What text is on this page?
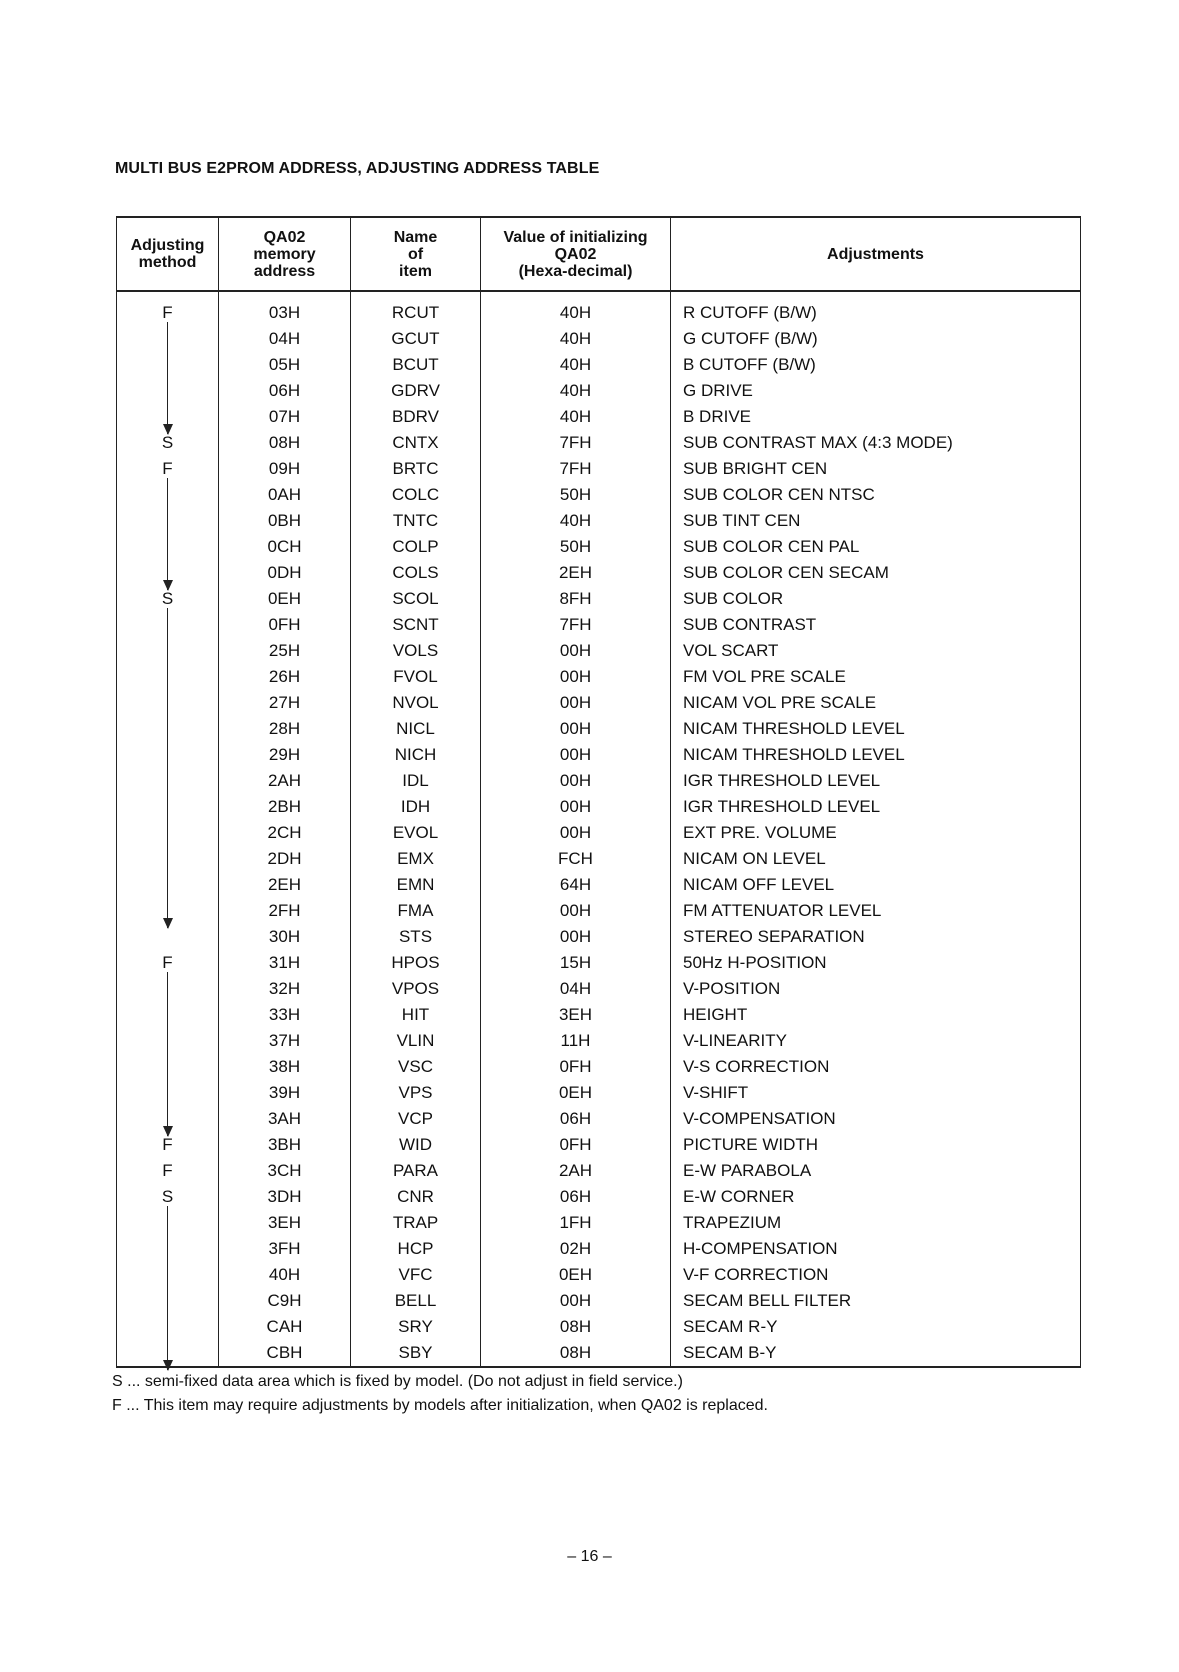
MULTI BUS E2PROM ADDRESS, ADJUSTING ADDRESS TABLE
Adjusting
method	QA02
memory
address	Name
of
item	Value of initializing
QA02
(Hexa-decimal)	Adjustments
F	03H	RCUT	40H	R CUTOFF (B/W)
	04H	GCUT	40H	G CUTOFF (B/W)
	05H	BCUT	40H	B CUTOFF (B/W)
	06H	GDRV	40H	G DRIVE
	07H	BDRV	40H	B DRIVE
S	08H	CNTX	7FH	SUB CONTRAST MAX (4:3 MODE)
F	09H	BRTC	7FH	SUB BRIGHT CEN
	0AH	COLC	50H	SUB COLOR CEN NTSC
	0BH	TNTC	40H	SUB TINT CEN
	0CH	COLP	50H	SUB COLOR CEN PAL
	0DH	COLS	2EH	SUB COLOR CEN SECAM
S	0EH	SCOL	8FH	SUB COLOR
	0FH	SCNT	7FH	SUB CONTRAST
	25H	VOLS	00H	VOL SCART
	26H	FVOL	00H	FM VOL PRE SCALE
	27H	NVOL	00H	NICAM VOL PRE SCALE
	28H	NICL	00H	NICAM THRESHOLD LEVEL
	29H	NICH	00H	NICAM THRESHOLD LEVEL
	2AH	IDL	00H	IGR THRESHOLD LEVEL
	2BH	IDH	00H	IGR THRESHOLD LEVEL
	2CH	EVOL	00H	EXT PRE. VOLUME
	2DH	EMX	FCH	NICAM ON LEVEL
	2EH	EMN	64H	NICAM OFF LEVEL
	2FH	FMA	00H	FM ATTENUATOR LEVEL
	30H	STS	00H	STEREO SEPARATION
F	31H	HPOS	15H	50Hz H-POSITION
	32H	VPOS	04H	V-POSITION
	33H	HIT	3EH	HEIGHT
	37H	VLIN	11H	V-LINEARITY
	38H	VSC	0FH	V-S CORRECTION
	39H	VPS	0EH	V-SHIFT
	3AH	VCP	06H	V-COMPENSATION
F	3BH	WID	0FH	PICTURE WIDTH
F	3CH	PARA	2AH	E-W PARABOLA
S	3DH	CNR	06H	E-W CORNER
	3EH	TRAP	1FH	TRAPEZIUM
	3FH	HCP	02H	H-COMPENSATION
	40H	VFC	0EH	V-F CORRECTION
	C9H	BELL	00H	SECAM BELL FILTER
	CAH	SRY	08H	SECAM R-Y
	CBH	SBY	08H	SECAM B-Y
S ... semi-fixed data area which is fixed by model. (Do not adjust in field service.)
F ... This item may require adjustments by models after initialization, when QA02 is replaced.
– 16 –
